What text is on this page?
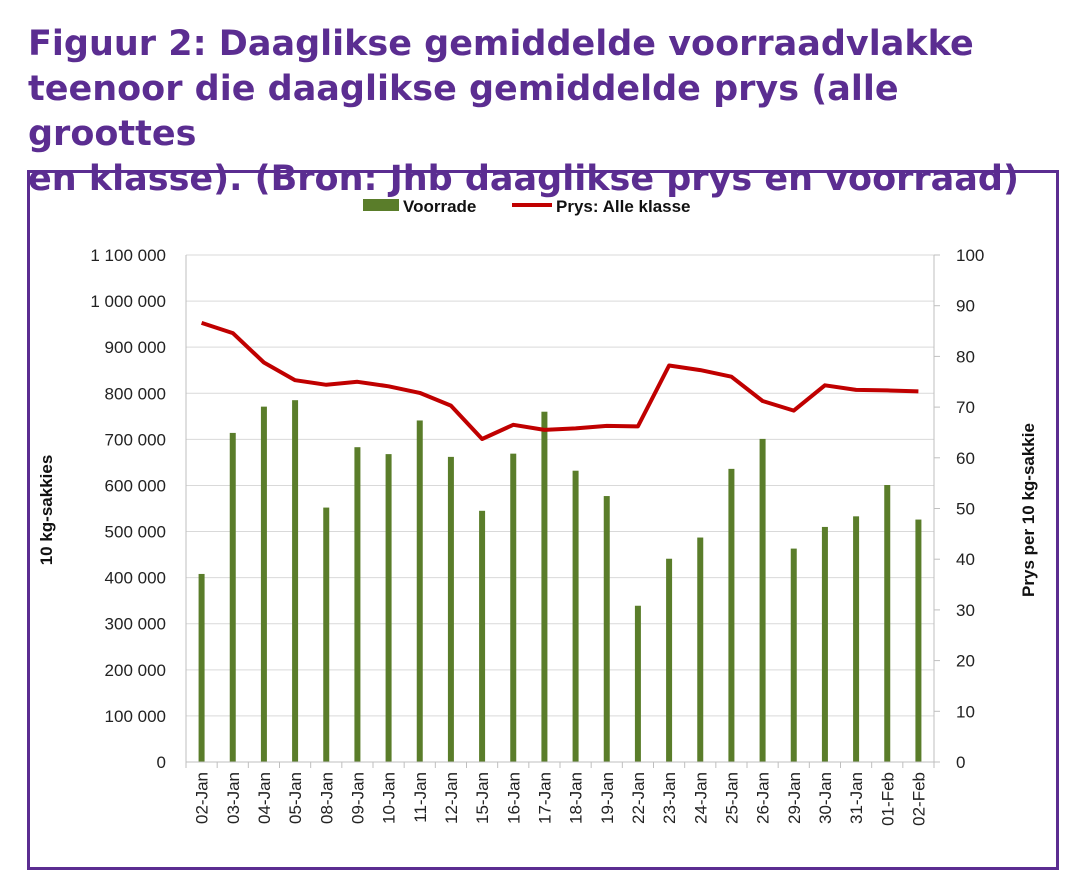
Figuur 2: Daaglikse gemiddelde voorraadvlakke
teenoor die daaglikse gemiddelde prys (alle groottes
en klasse). (Bron: Jhb daaglikse prys en voorraad)
0
100 000
200 000
300 000
400 000
500 000
600 000
700 000
800 000
900 000
1 000 000
1 100 000
0
10
20
30
40
50
60
70
80
90
100
02-Jan 03-Jan 04-Jan 05-Jan 08-Jan 09-Jan 10-Jan 11-Jan 12-Jan 15-Jan 16-Jan 17-Jan 18-Jan 19-Jan 22-Jan 23-Jan 24-Jan 25-Jan 26-Jan 29-Jan 30-Jan 31-Jan 01-Feb 02-Feb
10 kg-sakkies	Prys per 10 kg-sakkie
Voorrade	Prys: Alle klasse
